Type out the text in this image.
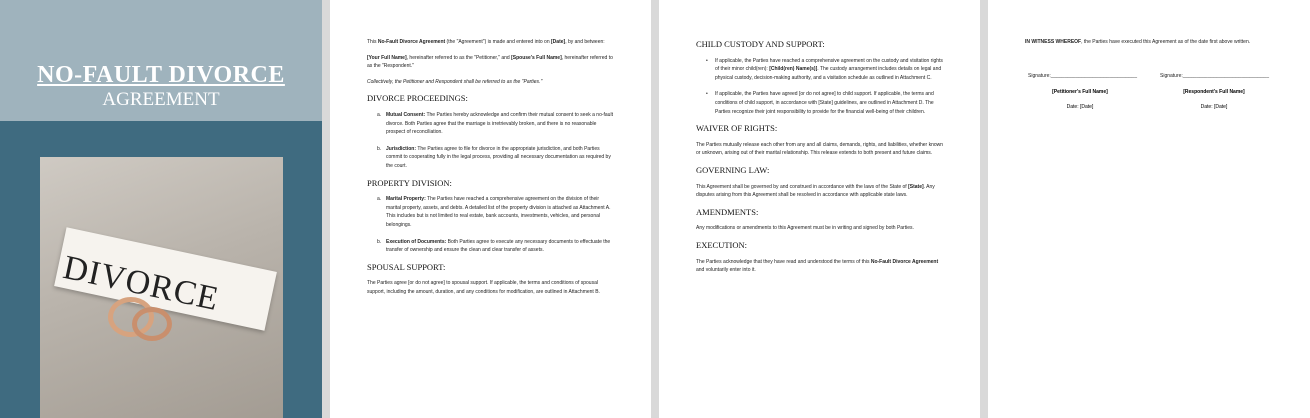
NO-FAULT DIVORCE
AGREEMENT
DIVORCE

This No-Fault Divorce Agreement (the "Agreement") is made and entered into on [Date], by and between:

[Your Full Name], hereinafter referred to as the "Petitioner," and [Spouse's Full Name], hereinafter referred to as the "Respondent."

Collectively, the Petitioner and Respondent shall be referred to as the "Parties."

DIVORCE PROCEEDINGS:
a. Mutual Consent: The Parties hereby acknowledge and confirm their mutual consent to seek a no-fault divorce. Both Parties agree that the marriage is irretrievably broken, and there is no reasonable prospect of reconciliation.
b. Jurisdiction: The Parties agree to file for divorce in the appropriate jurisdiction, and both Parties commit to cooperating fully in the legal process, providing all necessary documentation as required by the court.
PROPERTY DIVISION:
a. Marital Property: The Parties have reached a comprehensive agreement on the division of their marital property, assets, and debts. A detailed list of the property division is attached as Attachment A. This includes but is not limited to real estate, bank accounts, investments, vehicles, and personal belongings.
b. Execution of Documents: Both Parties agree to execute any necessary documents to effectuate the transfer of ownership and ensure the clean and clear transfer of assets.
SPOUSAL SUPPORT:

The Parties agree [or do not agree] to spousal support. If applicable, the terms and conditions of spousal support, including the amount, duration, and any conditions for modification, are outlined in Attachment B.

CHILD CUSTODY AND SUPPORT:
• If applicable, the Parties have reached a comprehensive agreement on the custody and visitation rights of their minor child(ren): [Child(ren) Name(s)]. The custody arrangement includes details on legal and physical custody, decision-making authority, and a visitation schedule as outlined in Attachment C.
• If applicable, the Parties have agreed [or do not agree] to child support. If applicable, the terms and conditions of child support, in accordance with [State] guidelines, are outlined in Attachment D. The Parties recognize their joint responsibility to provide for the financial well-being of their children.
WAIVER OF RIGHTS:

The Parties mutually release each other from any and all claims, demands, rights, and liabilities, whether known or unknown, arising out of their marital relationship. This release extends to both present and future claims.

GOVERNING LAW:

This Agreement shall be governed by and construed in accordance with the laws of the State of [State]. Any disputes arising from this Agreement shall be resolved in accordance with applicable state laws.

AMENDMENTS:

Any modifications or amendments to this Agreement must be in writing and signed by both Parties.

EXECUTION:

The Parties acknowledge that they have read and understood the terms of this No-Fault Divorce Agreement and voluntarily enter into it.

IN WITNESS WHEREOF, the Parties have executed this Agreement as of the date first above written.

Signature:_______________________________	Signature:_______________________________
[Petitioner's Full Name]	[Respondent's Full Name]
Date: [Date]	Date: [Date]
